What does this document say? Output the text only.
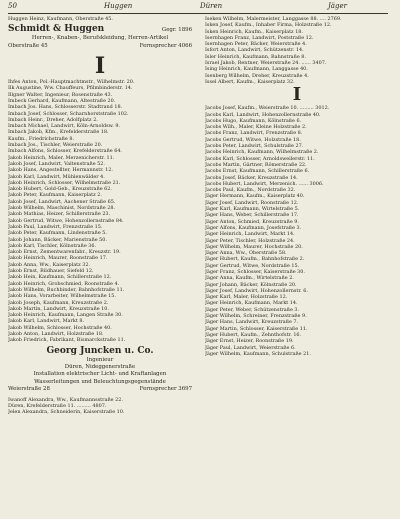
50	Huggen	Düren	Jäger
Huggen Heinz, Kaufmann, Oberstraße 45.
Schmidt & Huggen	Gegr. 1896
Herren-, Knaben-, Berufskleidung, Herren-Artikel
Oberstraße 45	Fernsprecher 4066
I
Ihfes Anton, Pol.-Hauptmachtmstr., Wilhelmstr. 20.
Ilk Augustine, Ww. Chauffeurs, Pfilmbinderstr. 14.
Illgner Walter, Ingenieur, Rosenstraße 43.
Imbeck Gerhard, Kaufmann, Altestraße 20.
Imbach Jos. Hans, Schlosserstr. Stadtrand 18.
Imbach Josef, Schlosser, Scharnhorststraße 102.
Imbach Heinr., Dreher, Adolfplatz 2.
Imbach Michael, Landwirt, Köln-Arnoldsw. 9.
Imbach Jakob, Kfm., Krefelderstraße 18.
Kaufm., Friedrichstraße 8.
Imbach Jos., Tischler, Weierstraße 20.
Imbach Alfons, Schlosser, Krefelderstraße 64.
Jakob Heinrich, Maler, Merzenicherstr. 11.
Jakob Josef, Landwirt, Valtenstraße 52.
Jakob Hans, Angestellter, Hermannstr. 12.
Jakob Karl, Landwirt, Mühlenwälder 4.
Jakob Heinrich, Schlosser, Wilhelmstraße 21.
Jakob Hubert, Gold-Geb., Kreuzstraße 62.
Jakob Peter, Kaufmann, Kaiserplatz 2.
Jakob Josef, Landwirt, Aachener Straße 65.
Jakob Wilhelm, Maschinist, Nordstraße 28.
Jakob Mathias, Heizer, Schillerstraße 23.
Jakob Gertrud, Witwe, Hohenzollernstraße 84.
Jakob Paul, Landwirt, Frenzstraße 15.
Jakob Peter, Kaufmann, Lindenstraße 5.
Jakob Johann, Bäcker, Marienstraße 50.
Jakob Karl, Tischler, Kölnstraße 36.
Jakob Ernst, Zementwarenfabr., Kreuzstr. 19.
Jakob Heinrich, Maurer, Roonstraße 17.
Jakob Anna, Ww., Kaiserplatz 32.
Jakob Ernst, Bildhauer, Siefeld 12.
Jakob Hein, Kaufmann, Schillerstraße 12.
Jakob Heinrich, Grobschmied, Roonstraße 4.
Jakob Wilhelm, Buchbinder, Bahnhofstraße 11.
Jakob Hans, Vorarbeiter, Wilhelmstraße 15.
Jakob Joseph, Kaufmann, Kreuzstraße 2.
Jakob Martin, Landwirt, Kreuzstraße 10.
Jakob Heinrich, Kaufmann, Langen Straße 30.
Jakob Karl, Landwirt, Markt 8.
Jakob Wilhelm, Schlosser, Hochstraße 40.
Jakob Anton, Landwirt, Holzstraße 18.
Jakob Friedrich, Fabrikant, Bismarckstraße 11.
Georg Juncken u. Co.
Ingenieur
Düren, Nideggenerstraße
Installation elektrischer Licht- und Kraftanlagen
Wasserleitungen und Beleuchtungsgegenstände
Weierstraße 28	Fernsprecher 3697
Iwanoff Alexandra, Ww., Kaufmannsstraße 22.
Düren, Krefelderstraße 11. ......... 4807.
Jelen Alexandra, Schneiderin, Kaiserstraße 10.
Iseken Wilhelm, Malermeister, Langgasse 88. .... 2769.
Isken Josef, Kaufm., Inhaber Firma, Holzstraße 12.
Isken Heinrich, Kaufm., Kaiserplatz 18.
Isernhagen Franz, Landwirt, Poststraße 12.
Isernhagen Peter, Bäcker, Weierstraße 4.
Isfort Anton, Landwirt, Schützenstr. 14.
Isler Heinrich, Kaufmann, Bahnstraße 8.
Israel Jakob, Rentner, Weierstraße 24. ...... 3407.
Ising Heinrich, Kaufmann, Langgasse 40.
Isenberg Wilhelm, Dreher, Kreuzstraße 4.
Issel Albert, Kaufm., Kaiserplatz 32.
I
Jacobs Josef, Kaufm., Weierstraße 10. ......... 3012.
Jacobs Karl, Landwirt, Hohenzollernstraße 40.
Jacobs Hugo, Kaufmann, Kölnstraße 6.
Jacobs Wilh., Maler, Kleine Holzstraße 2.
Jacobs Franz, Landwirt, Frenzstraße 8.
Jacobs Gertrud, Witwe, Holzstraße 18.
Jacobs Peter, Landwirt, Schulstraße 27.
Jacobs Heinrich, Kaufmann, Wilhelmstraße 2.
Jacobs Karl, Schlosser, Arnoldsweilerstr. 11.
Jacobs Martin, Gärtner, Römerstraße 22.
Jacobs Ernst, Kaufmann, Schillerstraße 6.
Jacobs Josef, Bäcker, Kreuzstraße 14.
Jacobs Hubert, Landwirt, Merzenich. ...... 3006.
Jacobs Paul, Kaufm., Nordstraße 32.
Jäger Hermann, Kaufm., Kaiserplatz 40.
Jäger Josef, Landwirt, Roonstraße 12.
Jäger Karl, Kaufmann, Wirtelstraße 5.
Jäger Hans, Weber, Schillerstraße 17.
Jäger Anton, Schmied, Kreuzstraße 9.
Jäger Alfons, Kaufmann, Josefstraße 3.
Jäger Heinrich, Landwirt, Markt 14.
Jäger Peter, Tischler, Holzstraße 24.
Jäger Wilhelm, Maurer, Hochstraße 20.
Jäger Anna, Ww., Oberstraße 58.
Jäger Hubert, Kaufm., Bahnhofstraße 2.
Jäger Gertrud, Witwe, Nordstraße 15.
Jäger Franz, Schlosser, Kaiserstraße 30.
Jäger Anna, Kaufm., Wirtelstraße 2.
Jäger Johann, Bäcker, Kölnstraße 20.
Jäger Josef, Landwirt, Hohenzollernstr. 6.
Jäger Karl, Maler, Holzstraße 12.
Jäger Heinrich, Kaufmann, Markt 14.
Jäger Peter, Weber, Schützenstraße 3.
Jäger Wilhelm, Schreiner, Frenzstraße 9.
Jäger Hans, Landwirt, Kreuzstraße 7.
Jäger Martin, Schlosser, Kaiserstraße 11.
Jäger Hubert, Kaufm., Zehnthofstr. 16.
Jäger Ernst, Heizer, Roonstraße 19.
Jäger Paul, Landwirt, Weierstraße 6.
Jäger Wilhelm, Kaufmann, Schulstraße 21.
